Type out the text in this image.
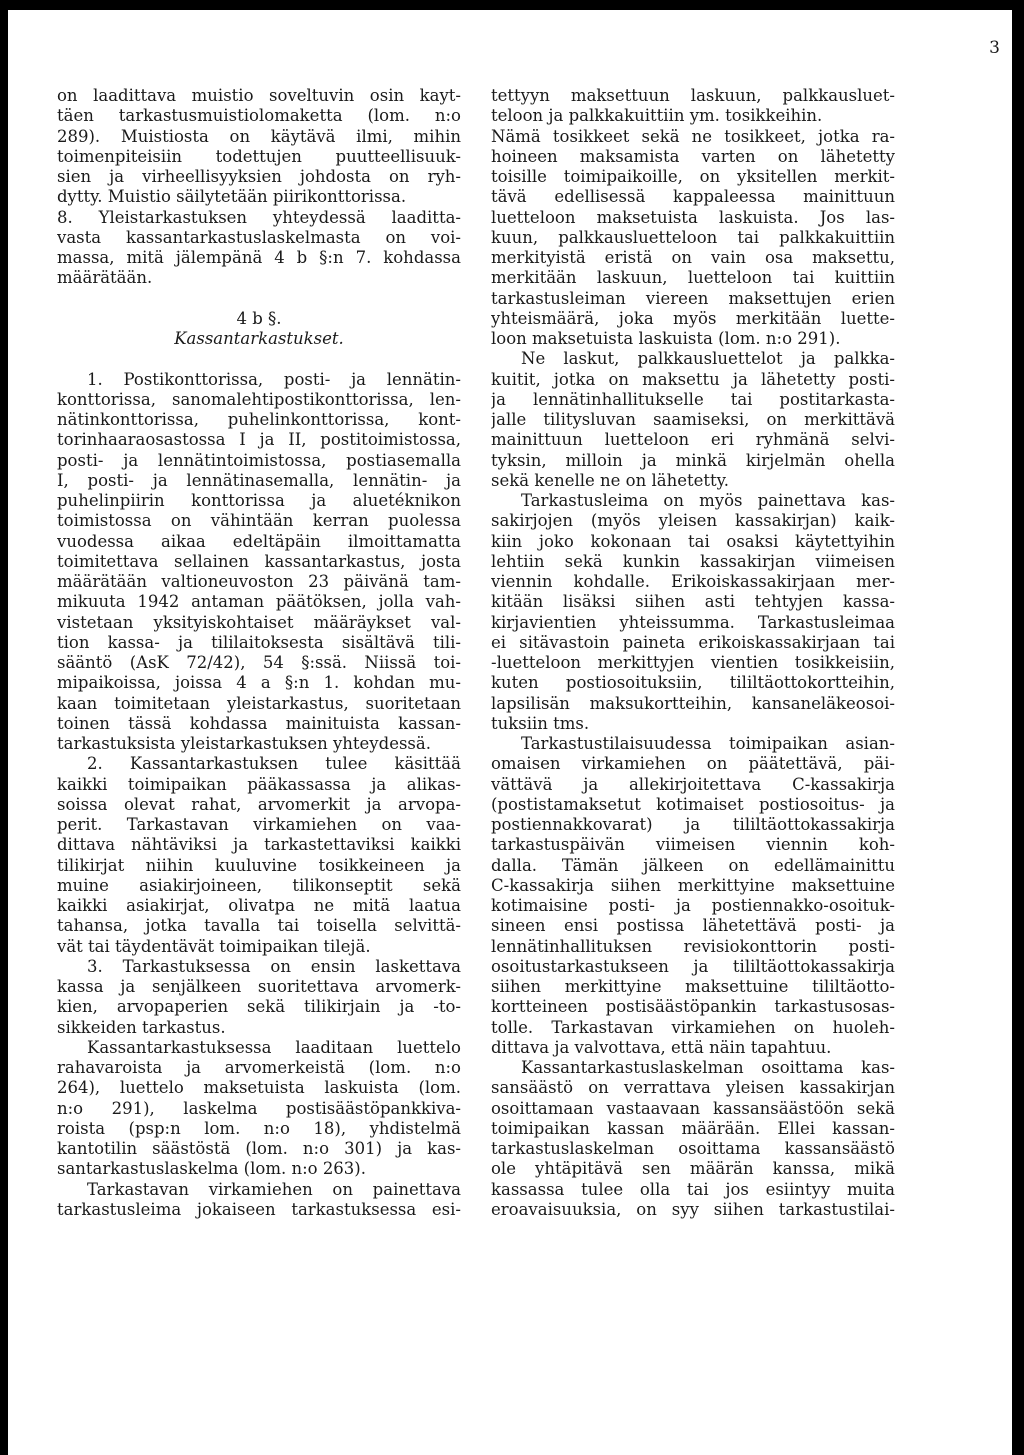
3
on laadittava muistio soveltuvin osin kayt-
täen tarkastusmuistiolomaketta (lom. n:o
289). Muistiosta on käytävä ilmi, mihin
toimenpiteisiin todettujen puutteellisuuk-
sien ja virheellisyyksien johdosta on ryh-
dytty. Muistio säilytetään piirikonttorissa.
8. Yleistarkastuksen yhteydessä laaditta-
vasta kassantarkastuslaskelmasta on voi-
massa, mitä jälempänä 4 b §:n 7. kohdassa
määrätään.
4 b §.
Kassantarkastukset.
1. Postikonttorissa, posti- ja lennätin-
konttorissa, sanomalehtipostikonttorissa, len-
nätinkonttorissa, puhelinkonttorissa, kont-
torinhaaraosastossa I ja II, postitoimistossa,
posti- ja lennätintoimistossa, postiasemalla
I, posti- ja lennätinasemalla, lennätin- ja
puhelinpiirin konttorissa ja aluetéknikon
toimistossa on vähintään kerran puolessa
vuodessa aikaa edeltäpäin ilmoittamatta
toimitettava sellainen kassantarkastus, josta
määrätään valtioneuvoston 23 päivänä tam-
mikuuta 1942 antaman päätöksen, jolla vah-
vistetaan yksityiskohtaiset määräykset val-
tion kassa- ja tililaitoksesta sisältävä tili-
sääntö (AsK 72/42), 54 §:ssä. Niissä toi-
mipaikoissa, joissa 4 a §:n 1. kohdan mu-
kaan toimitetaan yleistarkastus, suoritetaan
toinen tässä kohdassa mainituista kassan-
tarkastuksista yleistarkastuksen yhteydessä.
2. Kassantarkastuksen tulee käsittää
kaikki toimipaikan pääkassassa ja alikas-
soissa olevat rahat, arvomerkit ja arvopa-
perit. Tarkastavan virkamiehen on vaa-
dittava nähtäviksi ja tarkastettaviksi kaikki
tilikirjat niihin kuuluvine tosikkeineen ja
muine asiakirjoineen, tilikonseptit sekä
kaikki asiakirjat, olivatpa ne mitä laatua
tahansa, jotka tavalla tai toisella selvittä-
vät tai täydentävät toimipaikan tilejä.
3. Tarkastuksessa on ensin laskettava
kassa ja senjälkeen suoritettava arvomerk-
kien, arvopaperien sekä tilikirjain ja -to-
sikkeiden tarkastus.
Kassantarkastuksessa laaditaan luettelo
rahavaroista ja arvomerkeistä (lom. n:o
264), luettelo maksetuista laskuista (lom.
n:o 291), laskelma postisäästöpankkiva-
roista (psp:n lom. n:o 18), yhdistelmä
kantotilin säästöstä (lom. n:o 301) ja kas-
santarkastuslaskelma (lom. n:o 263).
Tarkastavan virkamiehen on painettava
tarkastusleima jokaiseen tarkastuksessa esi-
tettyyn maksettuun laskuun, palkkausluet-
teloon ja palkkakuittiin ym. tosikkeihin.
Nämä tosikkeet sekä ne tosikkeet, jotka ra-
hoineen maksamista varten on lähetetty
toisille toimipaikoille, on yksitellen merkit-
tävä edellisessä kappaleessa mainittuun
luetteloon maksetuista laskuista. Jos las-
kuun, palkkausluetteloon tai palkkakuittiin
merkityistä eristä on vain osa maksettu,
merkitään laskuun, luetteloon tai kuittiin
tarkastusleiman viereen maksettujen erien
yhteismäärä, joka myös merkitään luette-
loon maksetuista laskuista (lom. n:o 291).
Ne laskut, palkkausluettelot ja palkka-
kuitit, jotka on maksettu ja lähetetty posti-
ja lennätinhallitukselle tai postitarkasta-
jalle tilitysluvan saamiseksi, on merkittävä
mainittuun luetteloon eri ryhmänä selvi-
tyksin, milloin ja minkä kirjelmän ohella
sekä kenelle ne on lähetetty.
Tarkastusleima on myös painettava kas-
sakirjojen (myös yleisen kassakirjan) kaik-
kiin joko kokonaan tai osaksi käytettyihin
lehtiin sekä kunkin kassakirjan viimeisen
viennin kohdalle. Erikoiskassakirjaan mer-
kitään lisäksi siihen asti tehtyjen kassa-
kirjavientien yhteissumma. Tarkastusleimaa
ei sitävastoin paineta erikoiskassakirjaan tai
-luetteloon merkittyjen vientien tosikkeisiin,
kuten postiosoituksiin, tililtäottokortteihin,
lapsilisän maksukortteihin, kansaneläkeosoi-
tuksiin tms.
Tarkastustilaisuudessa toimipaikan asian-
omaisen virkamiehen on päätettävä, päi-
vättävä ja allekirjoitettava C-kassakirja
(postistamaksetut kotimaiset postiosoitus- ja
postiennakkovarat) ja tililtäottokassakirja
tarkastuspäivän viimeisen viennin koh-
dalla. Tämän jälkeen on edellämainittu
C-kassakirja siihen merkittyine maksettuine
kotimaisine posti- ja postiennakko-osoituk-
sineen ensi postissa lähetettävä posti- ja
lennätinhallituksen revisiokonttorin posti-
osoitustarkastukseen ja tililtäottokassakirja
siihen merkittyine maksettuine tililtäotto-
kortteineen postisäästöpankin tarkastusosas-
tolle. Tarkastavan virkamiehen on huoleh-
dittava ja valvottava, että näin tapahtuu.
Kassantarkastuslaskelman osoittama kas-
sansäästö on verrattava yleisen kassakirjan
osoittamaan vastaavaan kassansäästöön sekä
toimipaikan kassan määrään. Ellei kassan-
tarkastuslaskelman osoittama kassansäästö
ole yhtäpitävä sen määrän kanssa, mikä
kassassa tulee olla tai jos esiintyy muita
eroavaisuuksia, on syy siihen tarkastustilai-
